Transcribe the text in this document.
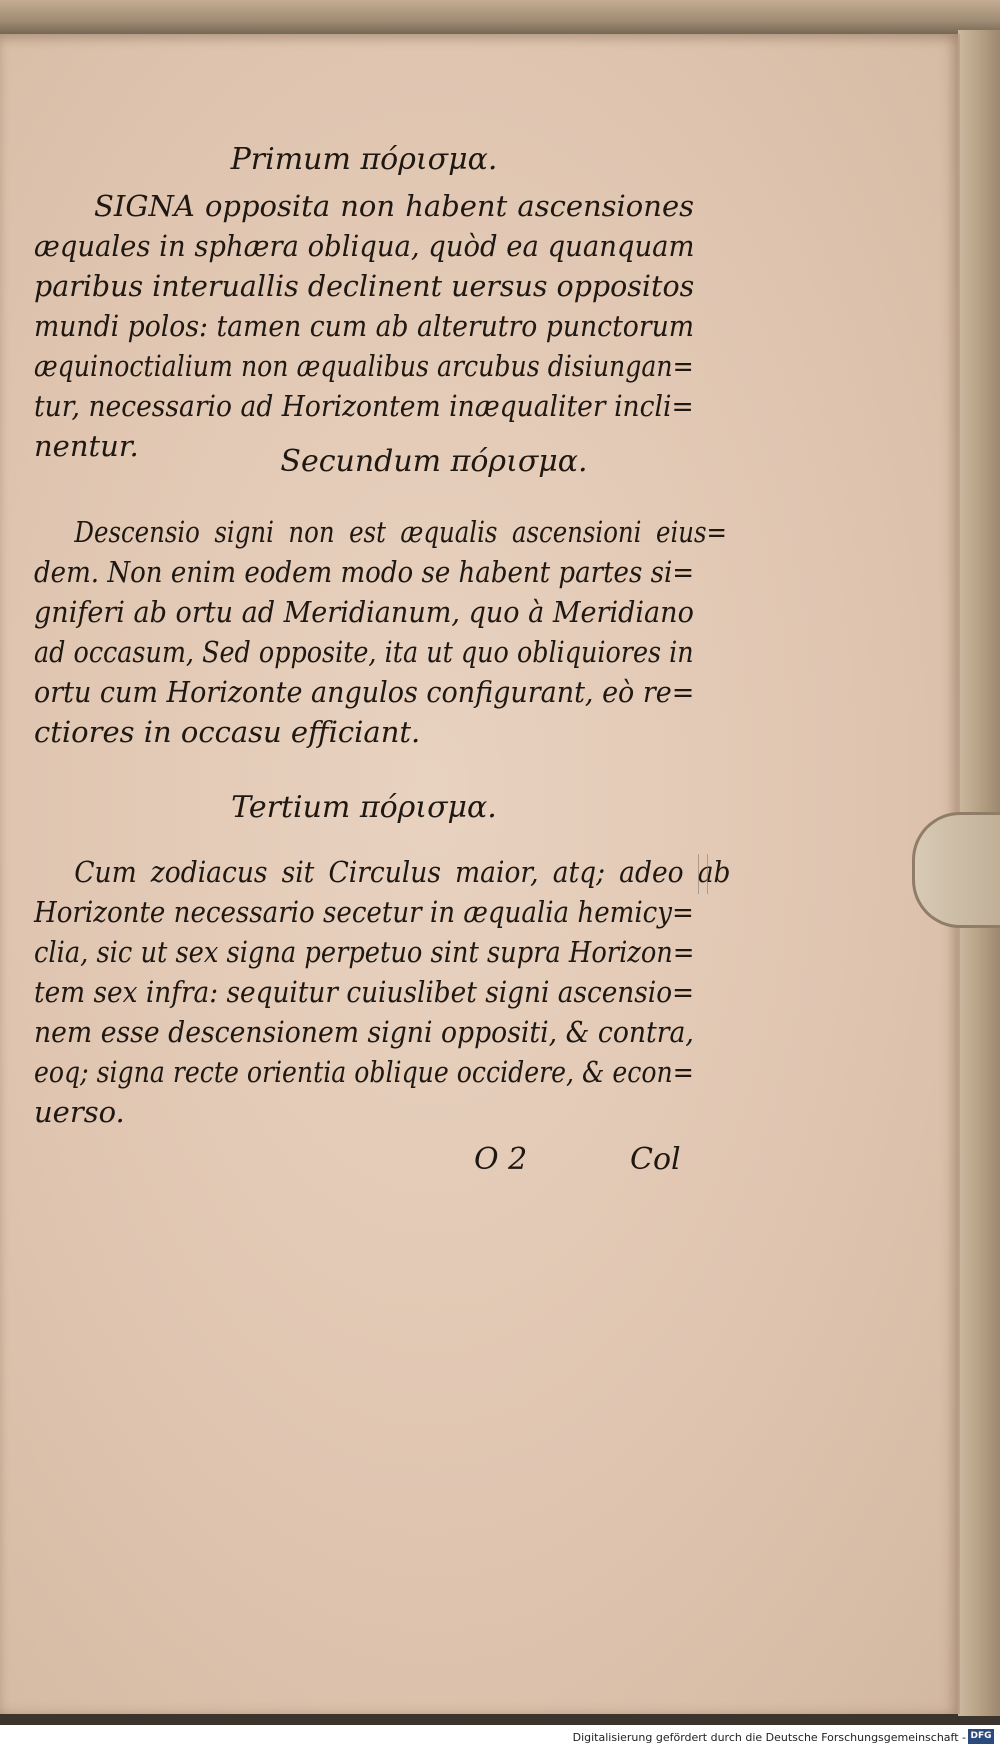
Primum πόρισμα.
SIGNA opposita non habent ascensiones
æquales in sphæra obliqua, quòd ea quanquam
paribus interuallis declinent uersus oppositos
mundi polos: tamen cum ab alterutro punctorum
æquinoctialium non æqualibus arcubus disiungan=
tur, necessario ad Horizontem inæqualiter incli=
nentur.	Secundum πόρισμα.
Descensio signi non est æqualis ascensioni eius=
dem. Non enim eodem modo se habent partes si=
gniferi ab ortu ad Meridianum, quo à Meridiano
ad occasum, Sed opposite, ita ut quo obliquiores in
ortu cum Horizonte angulos configurant, eò re=
ctiores in occasu efficiant.
Tertium πόρισμα.
Cum zodiacus sit Circulus maior, atq; adeo ab
Horizonte necessario secetur in æqualia hemicy=
clia, sic ut sex signa perpetuo sint supra Horizon=
tem sex infra: sequitur cuiuslibet signi ascensio=
nem esse descensionem signi oppositi, & contra,
eoq; signa recte orientia oblique occidere, & econ=
uerso.
O 2	Col
Digitalisierung gefördert durch die Deutsche Forschungsgemeinschaft - DFG
